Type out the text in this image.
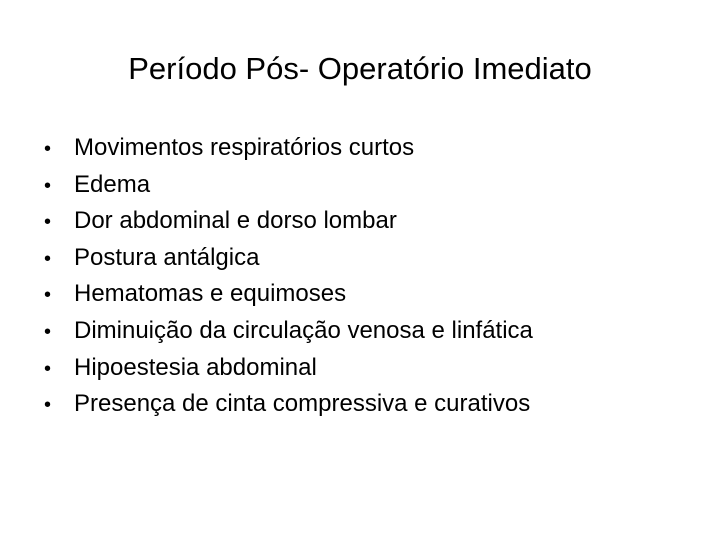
Período Pós- Operatório Imediato
• Movimentos respiratórios curtos
• Edema
• Dor abdominal e dorso lombar
• Postura antálgica
• Hematomas e equimoses
• Diminuição da circulação venosa e linfática
• Hipoestesia abdominal
• Presença de cinta compressiva e curativos
